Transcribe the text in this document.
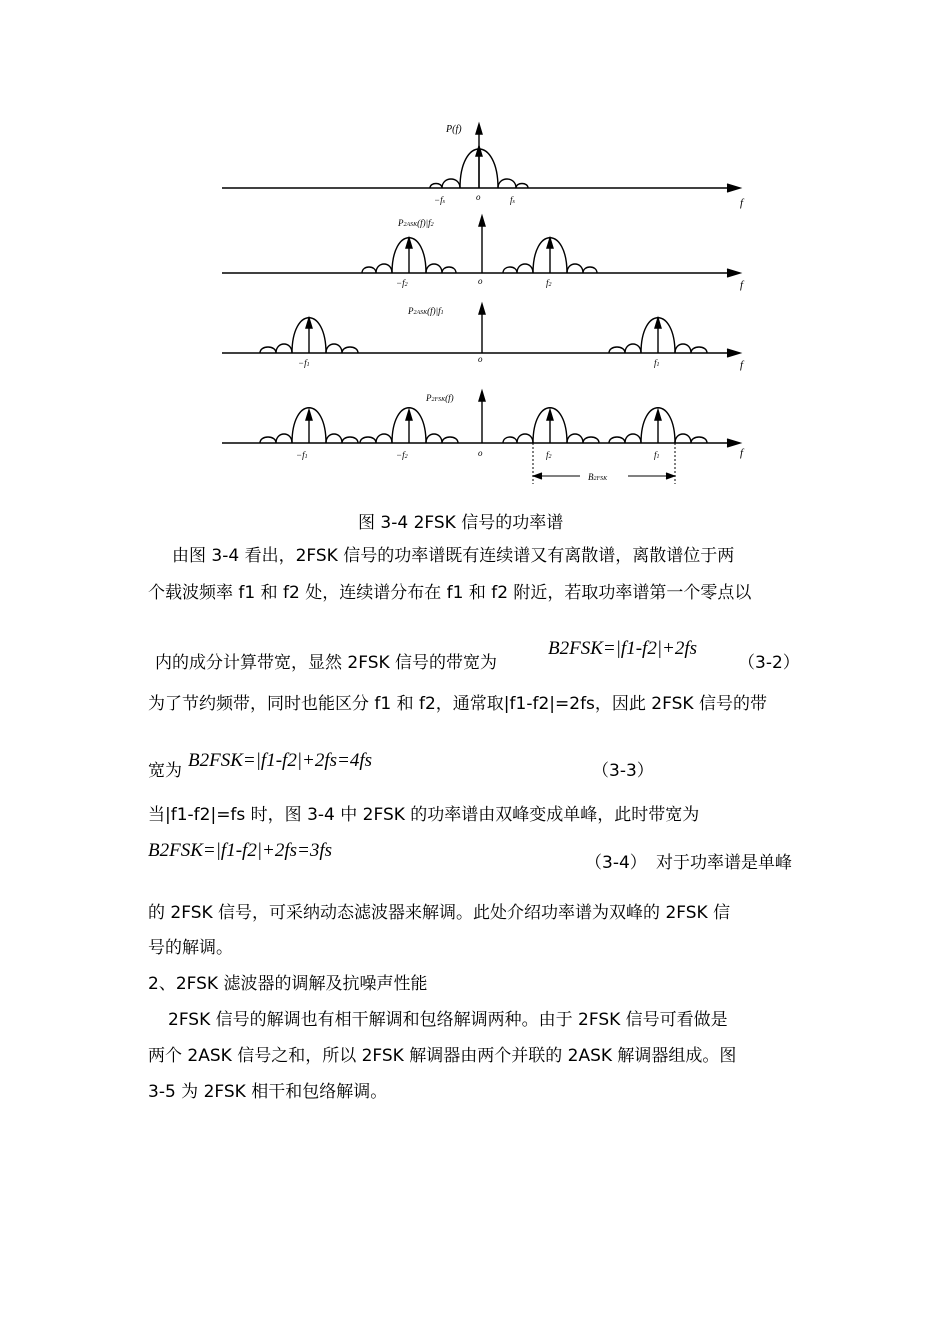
f
P(f)
o
−fs	fs
f
P2ASK(f)|f2
o
−f2	f2
f
P2ASK(f)|f1
o
−f1	f1
f
P2FSK(f)
o
−f1	−f2	f2	f1
B2FSK
图 3-4 2FSK 信号的功率谱
由图 3-4 看出，2FSK 信号的功率谱既有连续谱又有离散谱，离散谱位于两
个载波频率 f1 和 f2 处，连续谱分布在 f1 和 f2 附近，若取功率谱第一个零点以
内的成分计算带宽，显然 2FSK 信号的带宽为
B2FSK=|f1-f2|+2fs
（3-2）
为了节约频带，同时也能区分 f1 和 f2，通常取|f1-f2|=2fs，因此 2FSK 信号的带
宽为 B2FSK=|f1-f2|+2fs=4fs	（3-3）
当|f1-f2|=fs 时，图 3-4 中 2FSK 的功率谱由双峰变成单峰，此时带宽为
B2FSK=|f1-f2|+2fs=3fs
（3-4） 对于功率谱是单峰
的 2FSK 信号，可采纳动态滤波器来解调。此处介绍功率谱为双峰的 2FSK 信
号的解调。
2、2FSK 滤波器的调解及抗噪声性能
2FSK 信号的解调也有相干解调和包络解调两种。由于 2FSK 信号可看做是
两个 2ASK 信号之和，所以 2FSK 解调器由两个并联的 2ASK 解调器组成。图
3-5 为 2FSK 相干和包络解调。
